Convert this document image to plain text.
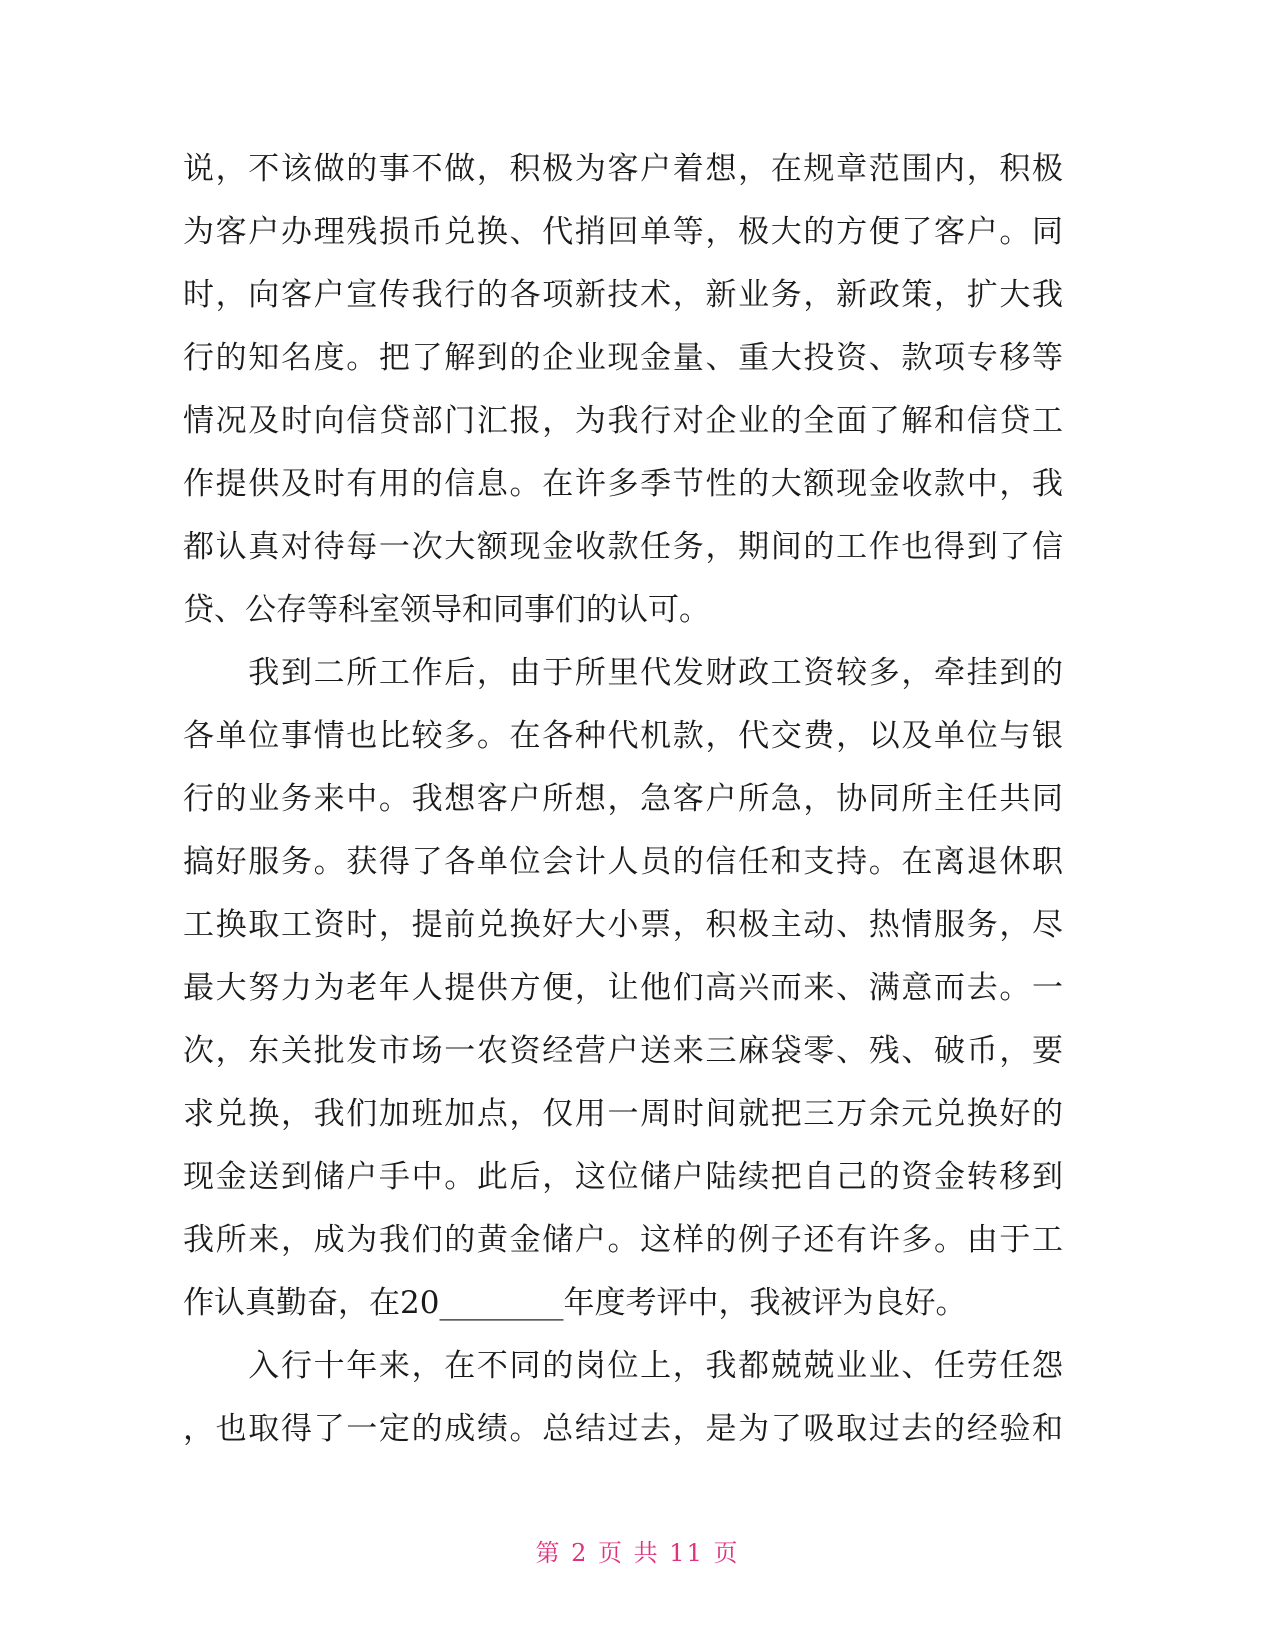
说，不该做的事不做，积极为客户着想，在规章范围内，积极
为客户办理残损币兑换、代捎回单等，极大的方便了客户。同
时，向客户宣传我行的各项新技术，新业务，新政策，扩大我
行的知名度。把了解到的企业现金量、重大投资、款项专移等
情况及时向信贷部门汇报，为我行对企业的全面了解和信贷工
作提供及时有用的信息。在许多季节性的大额现金收款中，我
都认真对待每一次大额现金收款任务，期间的工作也得到了信
贷、公存等科室领导和同事们的认可。
　　我到二所工作后，由于所里代发财政工资较多，牵挂到的
各单位事情也比较多。在各种代机款，代交费，以及单位与银
行的业务来中。我想客户所想，急客户所急，协同所主任共同
搞好服务。获得了各单位会计人员的信任和支持。在离退休职
工换取工资时，提前兑换好大小票，积极主动、热情服务，尽
最大努力为老年人提供方便，让他们高兴而来、满意而去。一
次，东关批发市场一农资经营户送来三麻袋零、残、破币，要
求兑换，我们加班加点，仅用一周时间就把三万余元兑换好的
现金送到储户手中。此后，这位储户陆续把自己的资金转移到
我所来，成为我们的黄金储户。这样的例子还有许多。由于工
作认真勤奋，在20________年度考评中，我被评为良好。
　　入行十年来，在不同的岗位上，我都兢兢业业、任劳任怨
，也取得了一定的成绩。总结过去，是为了吸取过去的经验和
第 2 页 共 11 页
